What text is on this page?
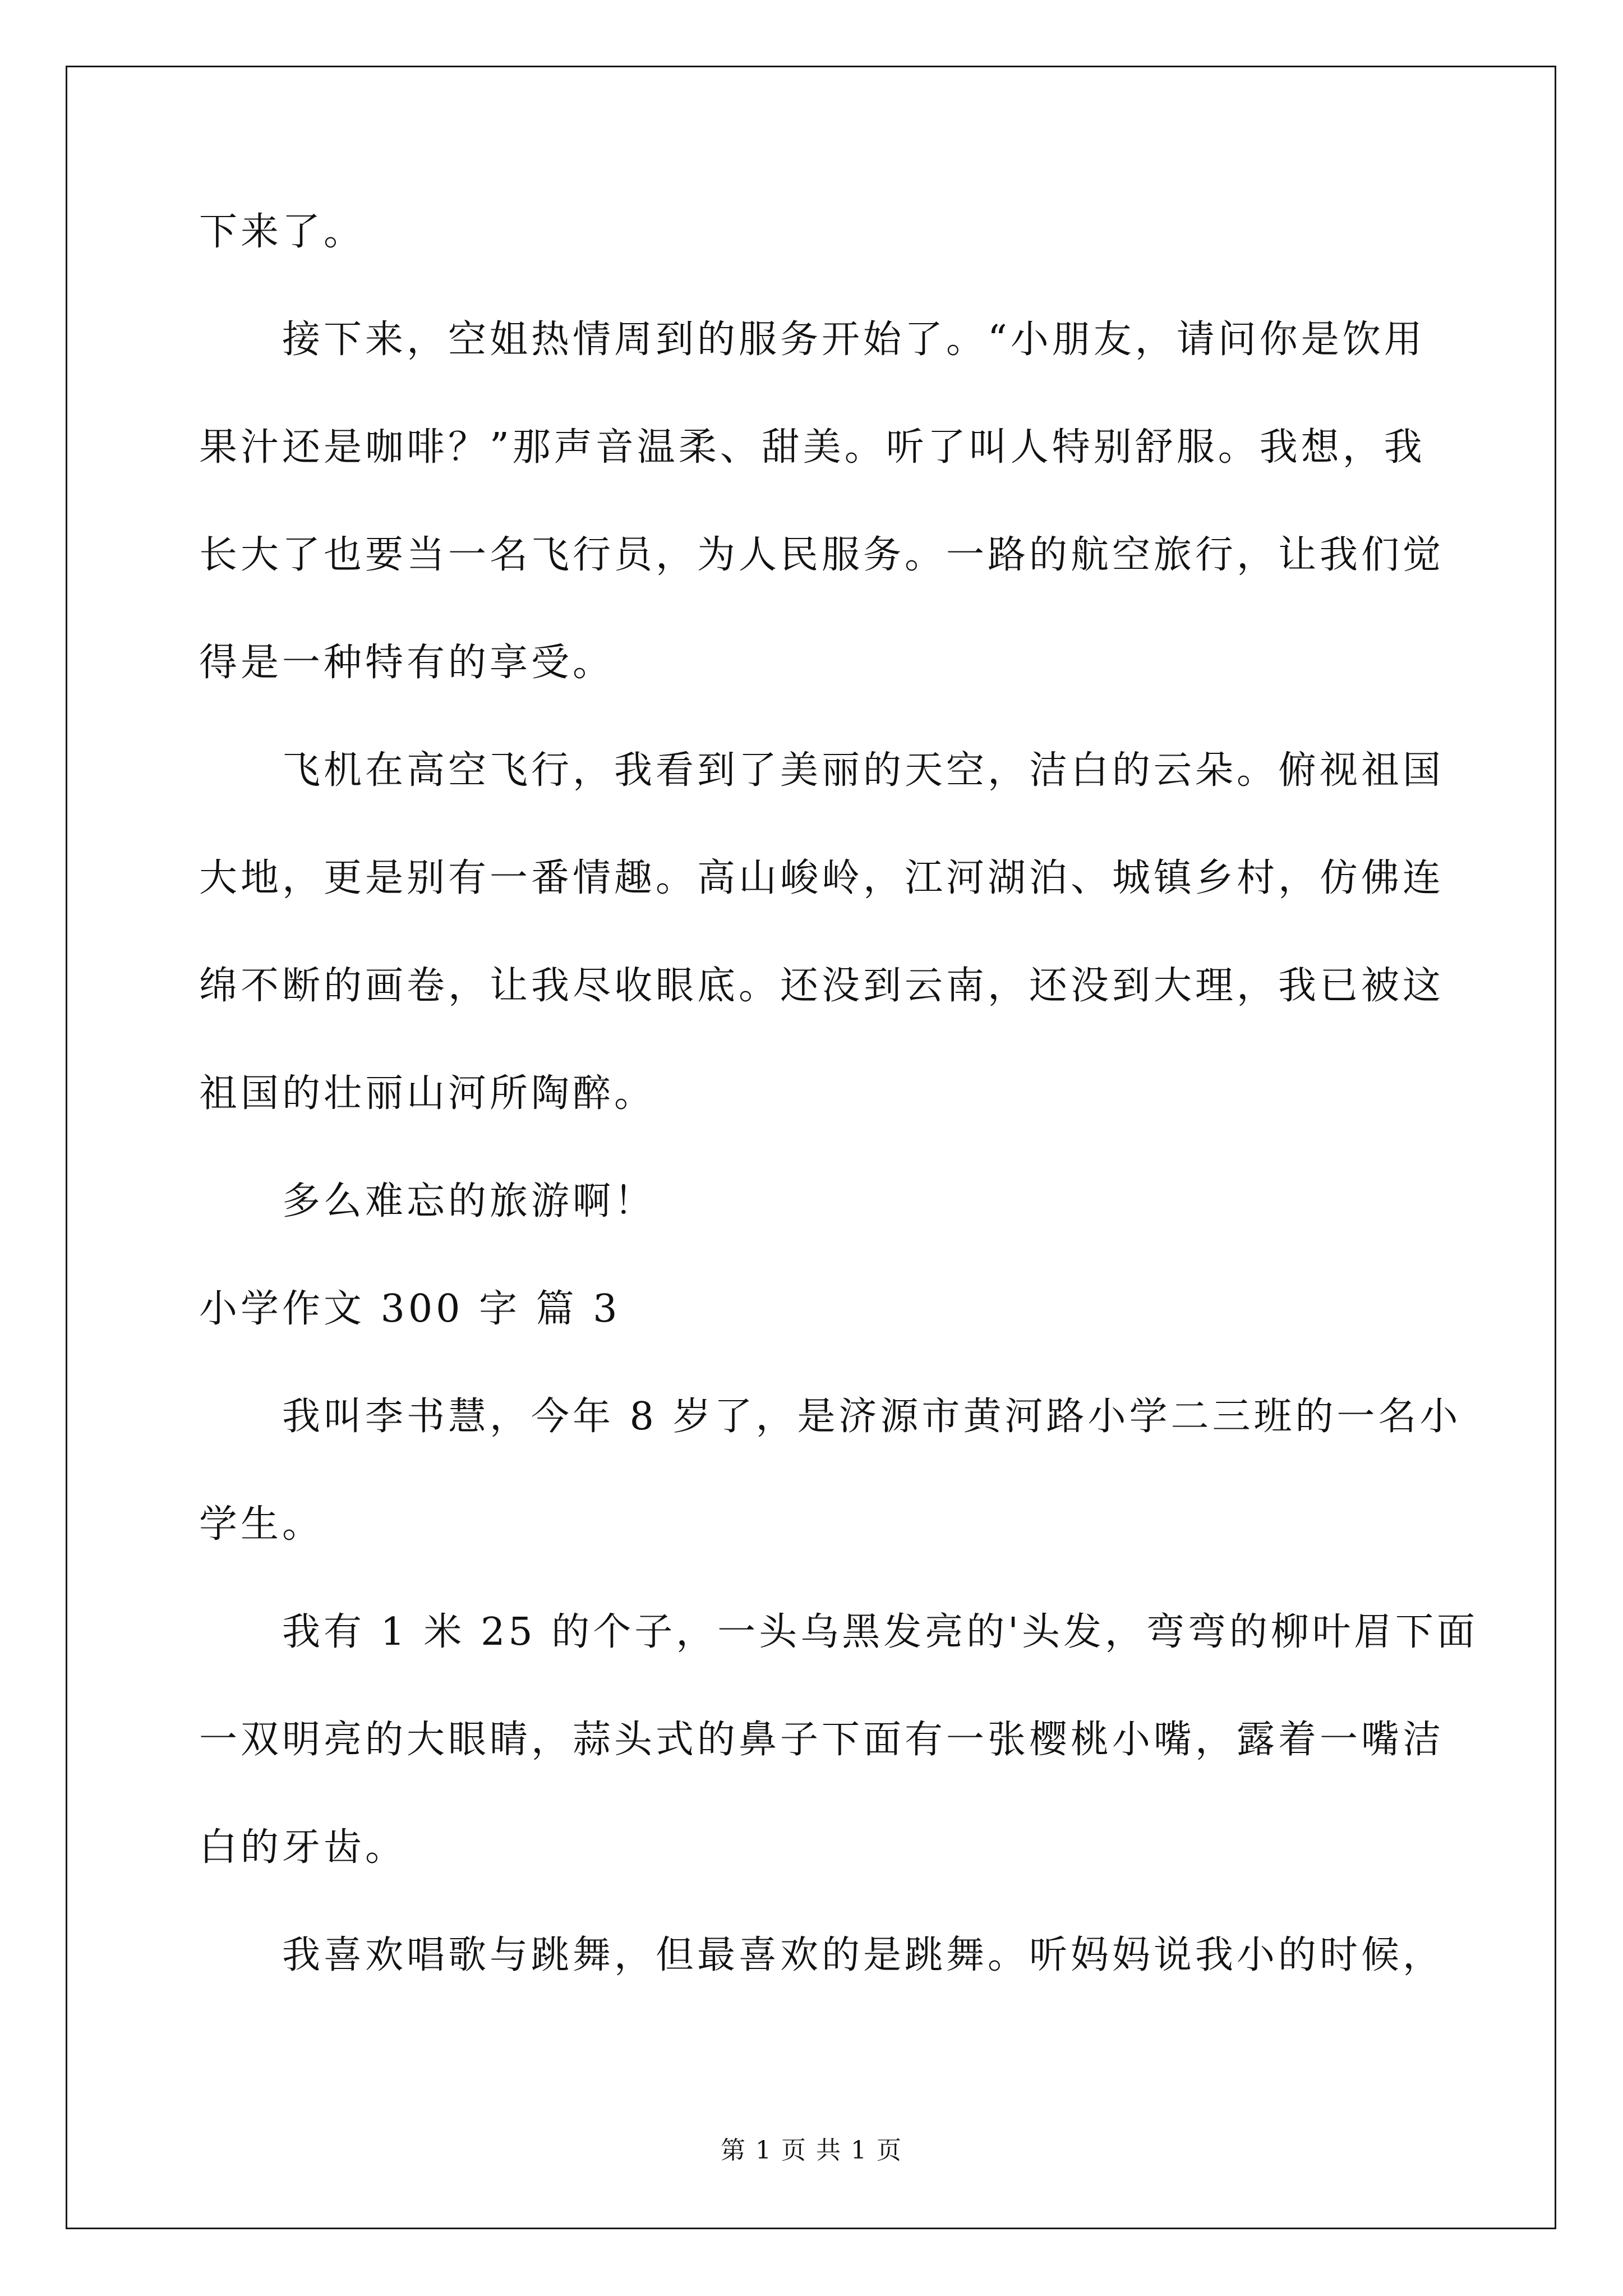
下来了。
接下来，空姐热情周到的服务开始了。“小朋友，请问你是饮用
果汁还是咖啡？”那声音温柔、甜美。听了叫人特别舒服。我想，我
长大了也要当一名飞行员，为人民服务。一路的航空旅行，让我们觉
得是一种特有的享受。
飞机在高空飞行，我看到了美丽的天空，洁白的云朵。俯视祖国
大地，更是别有一番情趣。高山峻岭，江河湖泊、城镇乡村，仿佛连
绵不断的画卷，让我尽收眼底。还没到云南，还没到大理，我已被这
祖国的壮丽山河所陶醉。
多么难忘的旅游啊！
小学作文 300 字 篇 3
我叫李书慧，今年 8 岁了，是济源市黄河路小学二三班的一名小
学生。
我有 1 米 25 的个子，一头乌黑发亮的'头发，弯弯的柳叶眉下面
一双明亮的大眼睛，蒜头式的鼻子下面有一张樱桃小嘴，露着一嘴洁
白的牙齿。
我喜欢唱歌与跳舞，但最喜欢的是跳舞。听妈妈说我小的时候，
第 1 页 共 1 页
